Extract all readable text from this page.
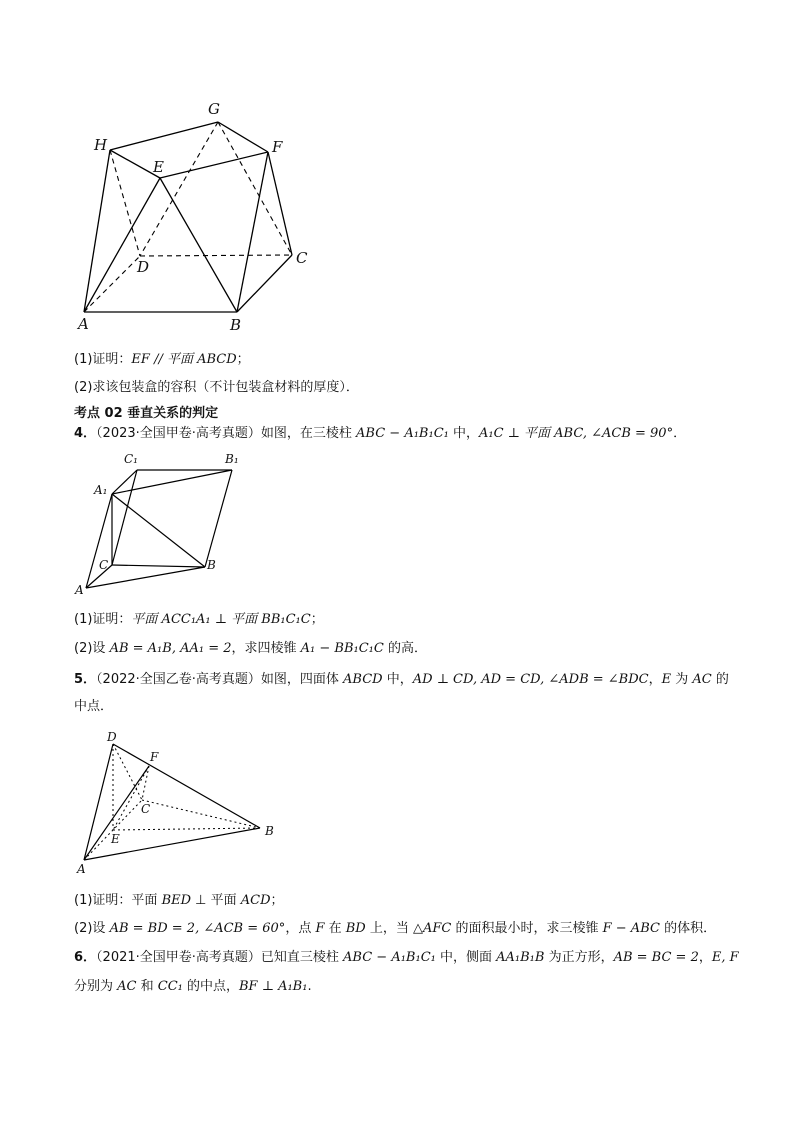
G
H
E
F
D	C
A	B
(1)证明：EF // 平面 ABCD；
(2)求该包装盒的容积（不计包装盒材料的厚度）．
考点 02 垂直关系的判定
4．（2023·全国甲卷·高考真题）如图，在三棱柱 ABC − A₁B₁C₁ 中，A₁C ⊥ 平面 ABC, ∠ACB = 90°．
C₁	B₁
A₁
C	B
A
(1)证明：平面 ACC₁A₁ ⊥ 平面 BB₁C₁C；
(2)设 AB = A₁B, AA₁ = 2，求四棱锥 A₁ − BB₁C₁C 的高．
5．（2022·全国乙卷·高考真题）如图，四面体 ABCD 中，AD ⊥ CD, AD = CD, ∠ADB = ∠BDC，E 为 AC 的
中点．
D
F
C
E
A
B
(1)证明：平面 BED ⊥ 平面 ACD；
(2)设 AB = BD = 2, ∠ACB = 60°，点 F 在 BD 上，当 △AFC 的面积最小时，求三棱锥 F − ABC 的体积．
6．（2021·全国甲卷·高考真题）已知直三棱柱 ABC − A₁B₁C₁ 中，侧面 AA₁B₁B 为正方形，AB = BC = 2，E, F
分别为 AC 和 CC₁ 的中点，BF ⊥ A₁B₁.
